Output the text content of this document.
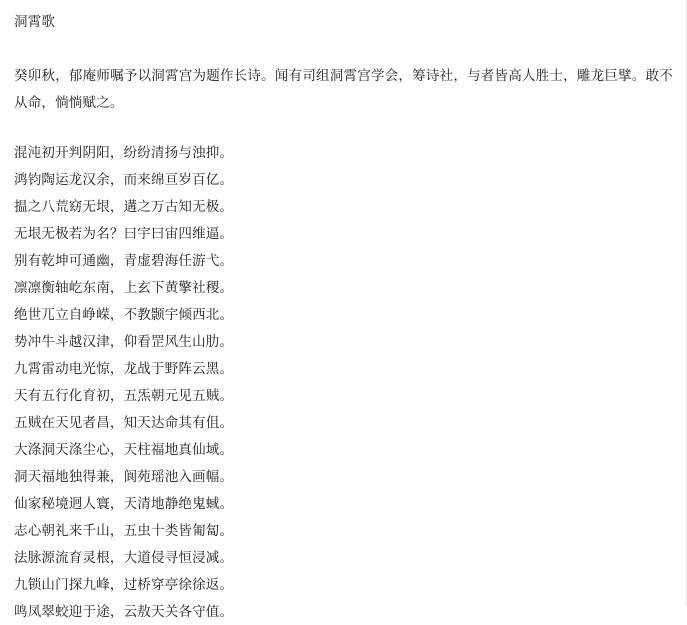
洞霄歌
癸卯秋，郁庵师嘱予以洞霄宫为题作长诗。闻有司组洞霄宫学会，筹诗社，与者皆高人胜士，雕龙巨擘。敢不从命，惝惝赋之。
混沌初开判阴阳，纷纷清扬与浊抑。
鸿钧陶运龙汉余，而来绵亘岁百亿。
揾之八荒窈无垠，遘之万古知无极。
无垠无极若为名？曰宇曰宙四维逼。
别有乾坤可通幽，青虚碧海任游弋。
凛凛衡轴屹东南，上玄下黄擎社稷。
绝世兀立自峥嵘，不教颢宇倾西北。
势冲牛斗越汉津，仰看罡风生山肋。
九霄雷动电光惊，龙战于野阵云黑。
天有五行化育初，五炁朝元见五贼。
五贼在天见者昌，知天达命其有伹。
大涤洞天涤尘心，天柱福地真仙域。
洞天福地独得兼，阆苑瑶池入画幅。
仙家秘境迥人寰，天清地静绝鬼蜮。
志心朝礼来千山，五虫十类皆匍匐。
法脉源流育灵根，大道侵寻恒浸减。
九锁山门探九峰，过桥穿亭徐徐返。
鸣凤翠蛟迎于途，云敖天关各守值。
